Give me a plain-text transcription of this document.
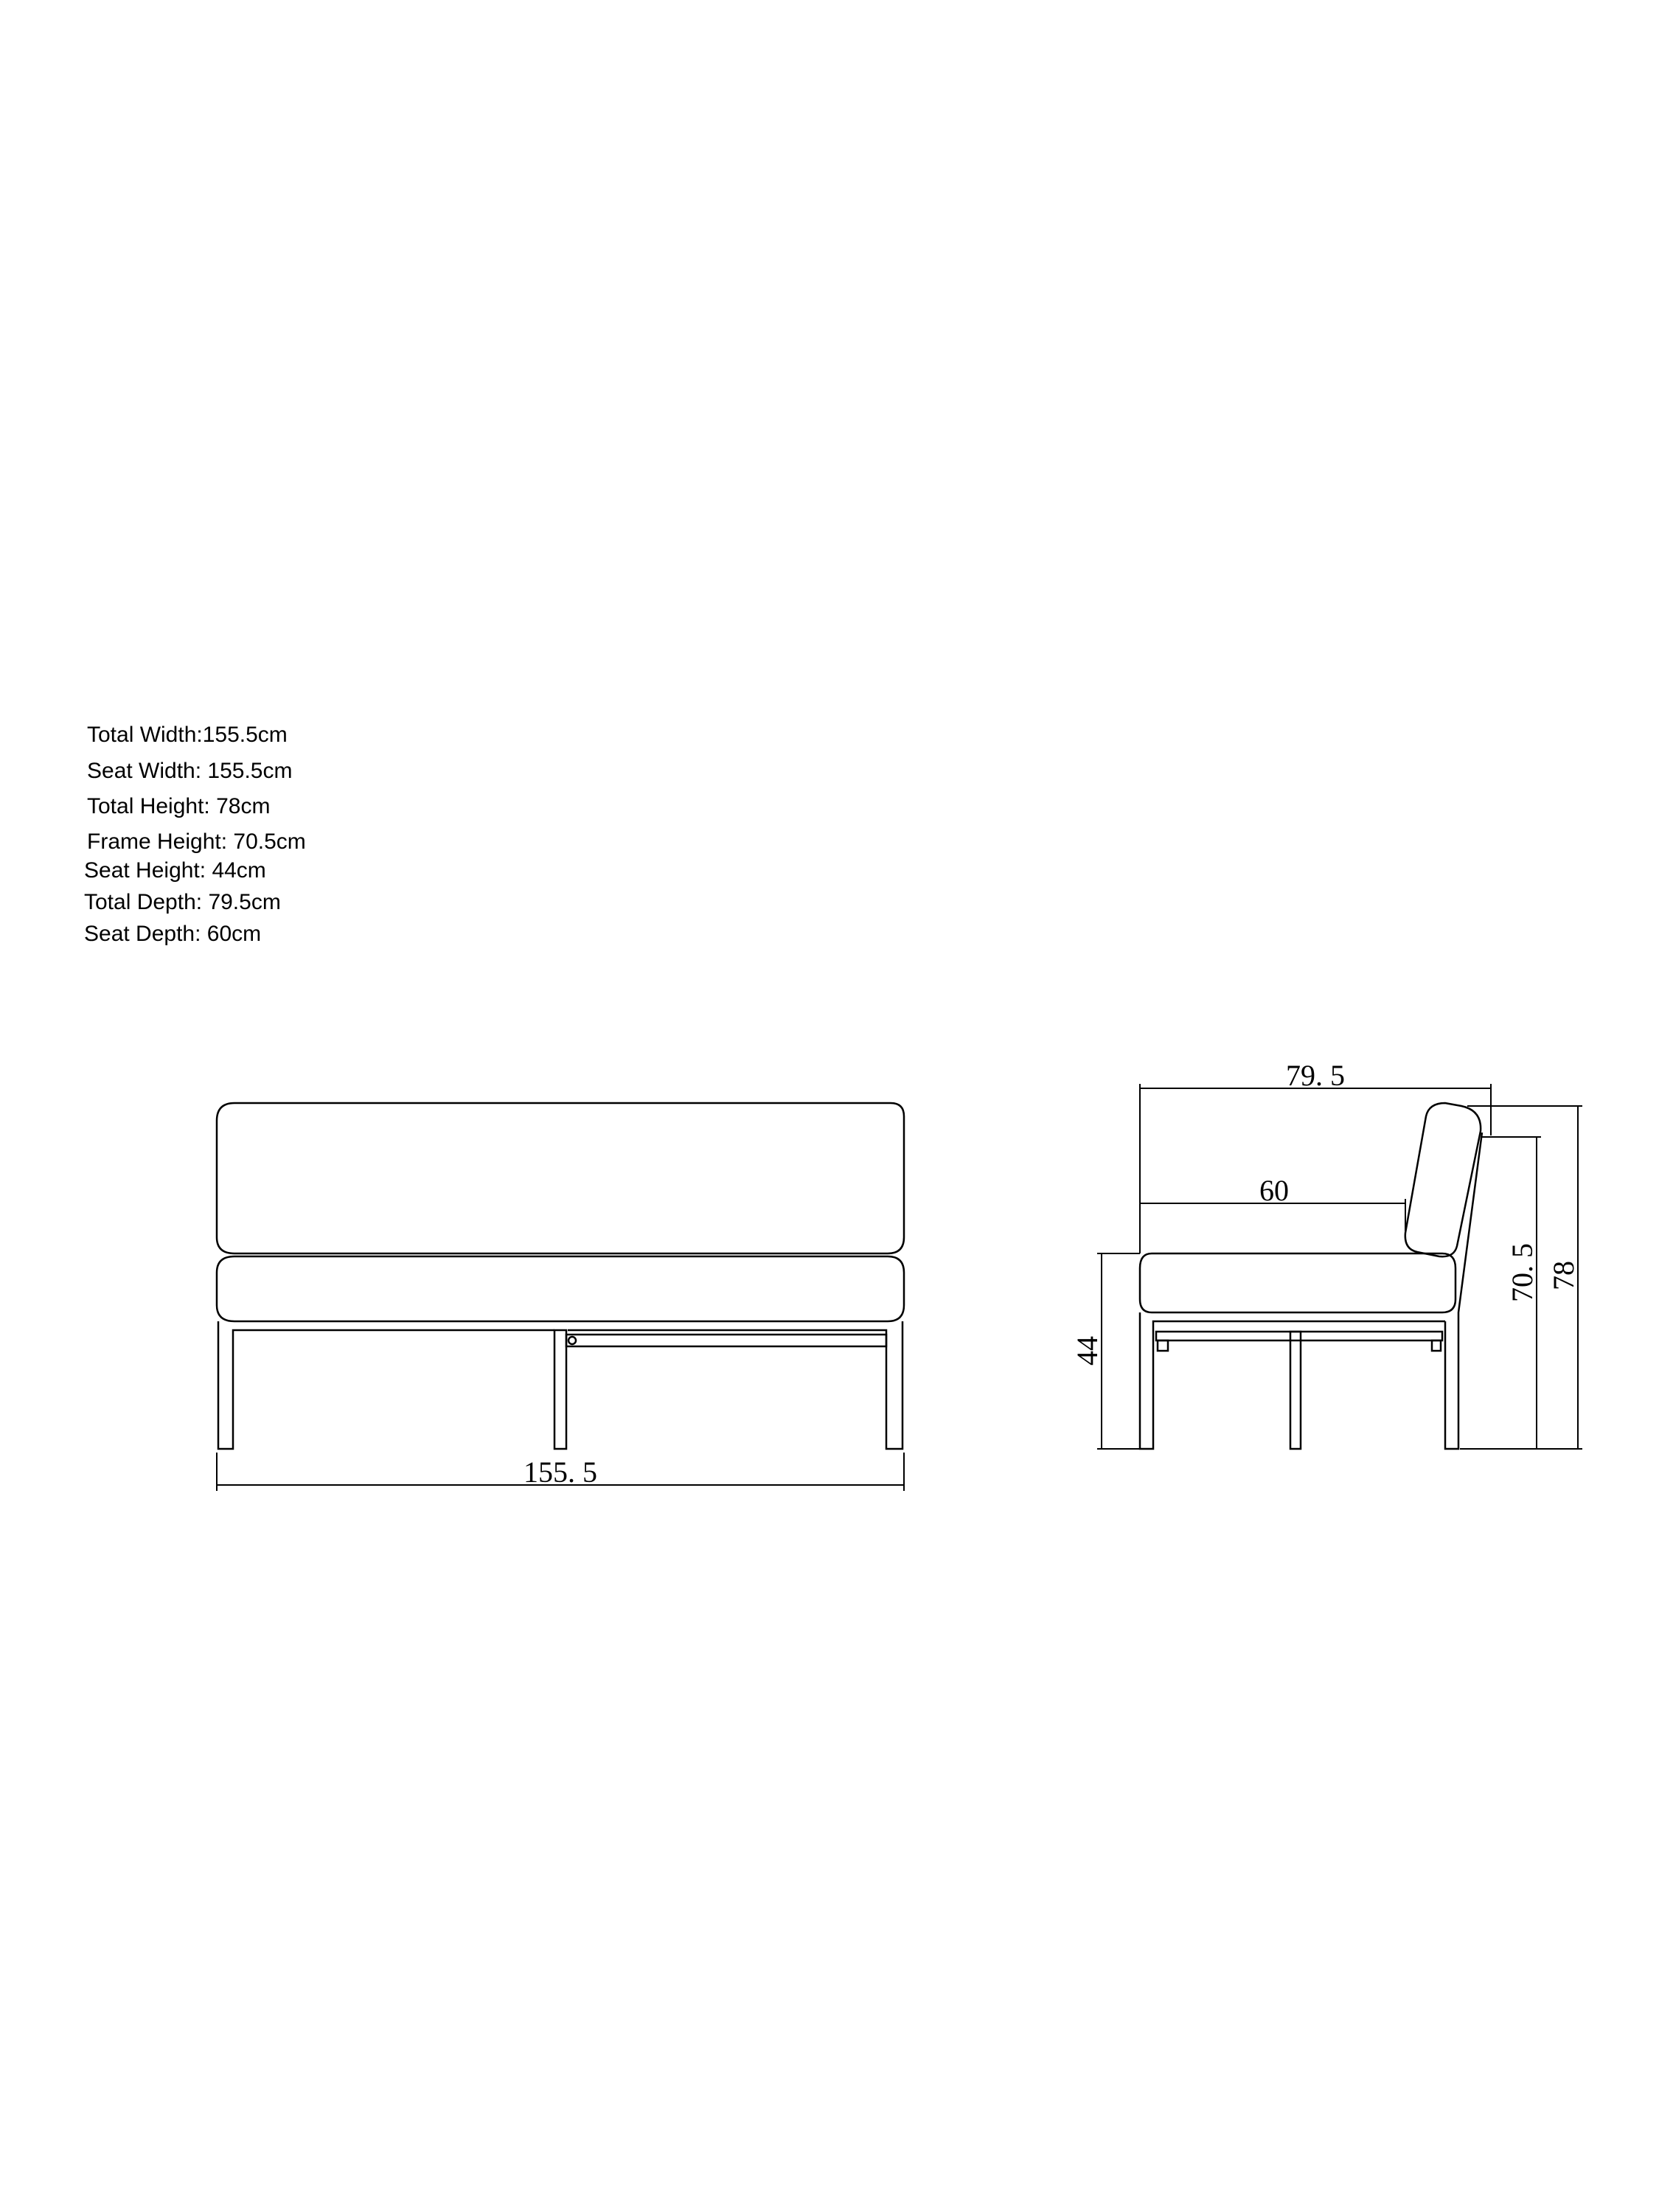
Total Width:155.5cm
Seat Width: 155.5cm
Total Height: 78cm
Frame Height: 70.5cm
Seat Height: 44cm
Total Depth: 79.5cm
Seat Depth: 60cm
155. 5
79. 5
60
44
70. 5 78
